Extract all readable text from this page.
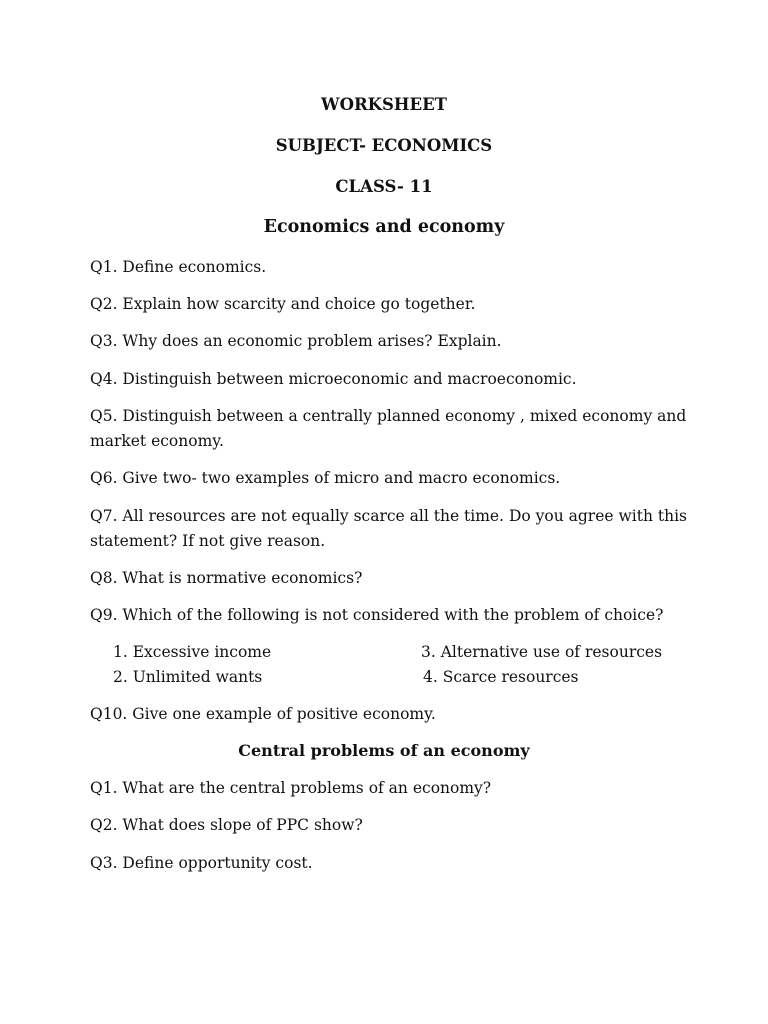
WORKSHEET
SUBJECT- ECONOMICS
CLASS- 11
Economics and economy
Q1. Define economics.
Q2. Explain how scarcity and choice go together.
Q3. Why does an economic problem arises? Explain.
Q4. Distinguish between microeconomic and macroeconomic.
Q5. Distinguish between a centrally planned economy , mixed economy and
market economy.
Q6. Give two- two examples of micro and macro economics.
Q7. All resources are not equally scarce all the time. Do you agree with this
statement? If not give reason.
Q8. What is normative economics?
Q9. Which of the following is not considered with the problem of choice?
1. Excessive income	3. Alternative use of resources
2. Unlimited wants	4. Scarce resources
Q10. Give one example of positive economy.
Central problems of an economy
Q1. What are the central problems of an economy?
Q2. What does slope of PPC show?
Q3. Define opportunity cost.
